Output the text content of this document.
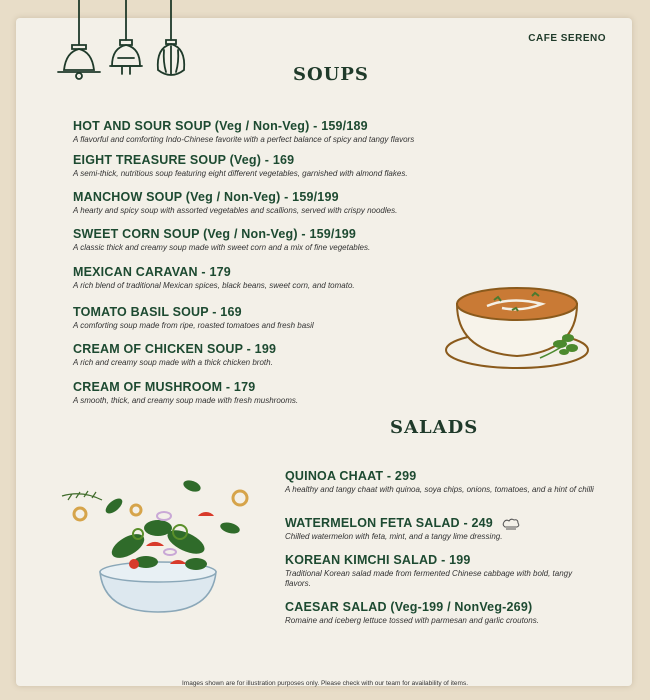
CAFE SERENO
SOUPS
HOT AND SOUR SOUP (Veg / Non-Veg) - 159/189
A flavorful and comforting Indo-Chinese favorite with a perfect balance of spicy and tangy flavors
EIGHT TREASURE SOUP (Veg) - 169
A semi-thick, nutritious soup featuring eight different vegetables, garnished with almond flakes.
MANCHOW SOUP (Veg / Non-Veg) - 159/199
A hearty and spicy soup with assorted vegetables and scallions, served with crispy noodles.
SWEET CORN SOUP (Veg / Non-Veg) - 159/199
A classic thick and creamy soup made with sweet corn and a mix of fine vegetables.
MEXICAN CARAVAN - 179
A rich blend of traditional Mexican spices, black beans, sweet corn, and tomato.
TOMATO BASIL SOUP - 169
A comforting soup made from ripe, roasted tomatoes and fresh basil
CREAM OF CHICKEN SOUP - 199
A rich and creamy soup made with a thick chicken broth.
CREAM OF MUSHROOM - 179
A smooth, thick, and creamy soup made with fresh mushrooms.
SALADS
QUINOA CHAAT - 299
A healthy and tangy chaat with quinoa, soya chips, onions, tomatoes, and a hint of chilli
WATERMELON FETA SALAD - 249
Chilled watermelon with feta, mint, and a tangy lime dressing.
KOREAN KIMCHI SALAD - 199
Traditional Korean salad made from fermented Chinese cabbage with bold, tangy flavors.
CAESAR SALAD (Veg-199 / NonVeg-269)
Romaine and iceberg lettuce tossed with parmesan and garlic croutons.
Images shown are for illustration purposes only. Please check with our team for availability of items.
